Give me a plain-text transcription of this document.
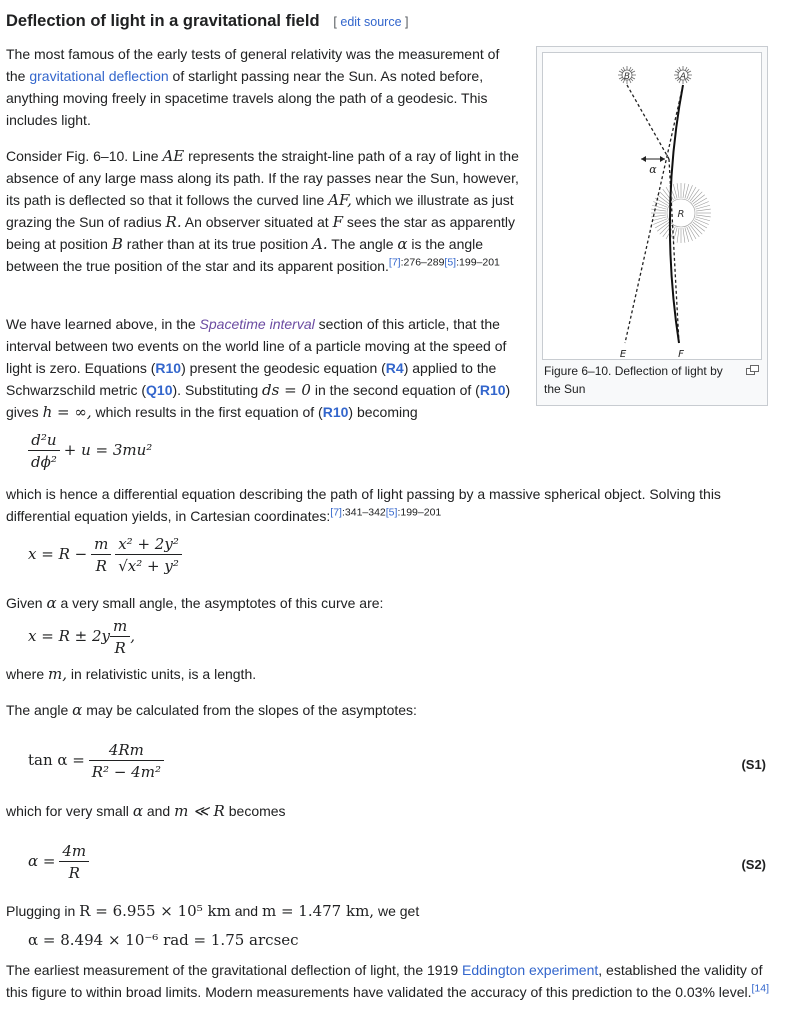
Deflection of light in a gravitational field [ edit source ]
B	A
R
α
E	F
Figure 6–10. Deflection of light by the Sun

The most famous of the early tests of general relativity was the measurement of the gravitational deflection of starlight passing near the Sun. As noted before, anything moving freely in spacetime travels along the path of a geodesic. This includes light.

Consider Fig. 6–10. Line AE represents the straight-line path of a ray of light in the absence of any large mass along its path. If the ray passes near the Sun, however, its path is deflected so that it follows the curved line AF, which we illustrate as just grazing the Sun of radius R. An observer situated at F sees the star as apparently being at position B rather than at its true position A. The angle α is the angle between the true position of the star and its apparent position.$^{[7]:276-289[5]:199-201}$

We have learned above, in the Spacetime interval section of this article, that the interval between two events on the world line of a particle moving at the speed of light is zero. Equations (R10) present the geodesic equation (R4) applied to the Schwarzschild metric (Q10). Substituting ds = 0 in the second equation of (R10) gives h = ∞, which results in the first equation of (R10) becoming

$\frac{\text{d²u}}{\text{dϕ²}} + u = 3mu^2$

which is hence a differential equation describing the path of light passing by a massive spherical object. Solving this differential equation yields, in Cartesian coordinates:$^{[7]:341-342[5]:199-201}$

$x = R - \frac{m}{R}$
$\frac{\text{x² + 2y²}}{\text{√x² + y²}}$

Given α a very small angle, the asymptotes of this curve are:

$x = R \pm 2y \frac{m}{R}$ ,

where m, in relativistic units, is a length.

The angle α may be calculated from the slopes of the asymptotes:

$\tan \alpha = \frac{4Rm}{\text{R² − 4m²}}$	(S1)

which for very small α and m ≪ R becomes

$\alpha = \frac{4m}{R}$	(S2)

Plugging in R = 6.955 × 10⁵ km and m = 1.477 km, we get

α = 8.494 × 10⁻⁶ rad = 1.75 arcsec

The earliest measurement of the gravitational deflection of light, the 1919 Eddington experiment, established the validity of this figure to within broad limits. Modern measurements have validated the accuracy of this prediction to the 0.03% level.[14]
